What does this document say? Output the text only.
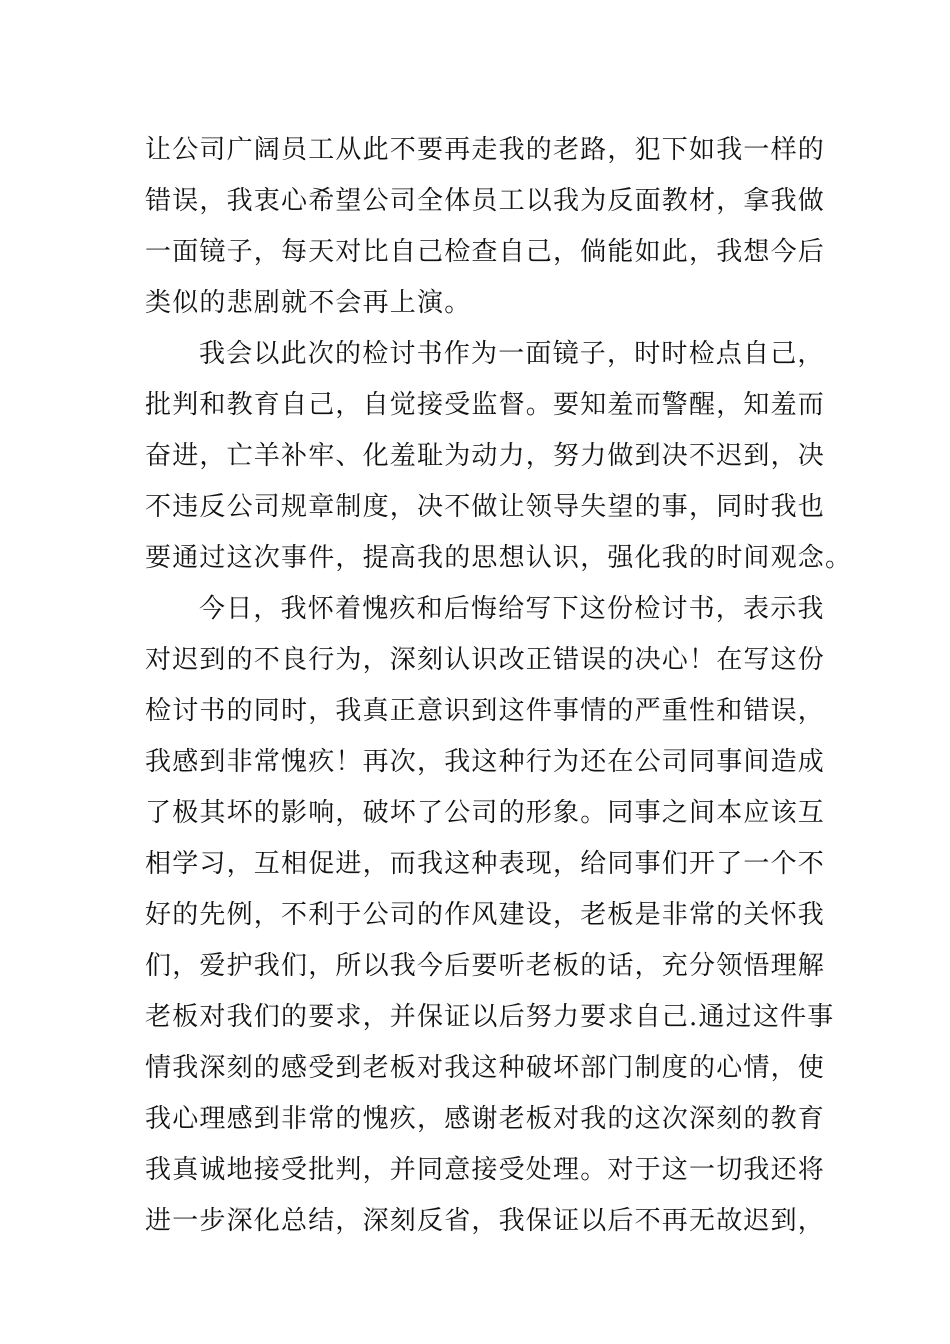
让公司广阔员工从此不要再走我的老路，犯下如我一样的
错误，我衷心希望公司全体员工以我为反面教材，拿我做
一面镜子，每天对比自己检查自己，倘能如此，我想今后
类似的悲剧就不会再上演。
我会以此次的检讨书作为一面镜子，时时检点自己，
批判和教育自己，自觉接受监督。要知羞而警醒，知羞而
奋进，亡羊补牢、化羞耻为动力，努力做到决不迟到，决
不违反公司规章制度，决不做让领导失望的事，同时我也
要通过这次事件，提高我的思想认识，强化我的时间观念。
今日，我怀着愧疚和后悔给写下这份检讨书，表示我
对迟到的不良行为，深刻认识改正错误的决心！在写这份
检讨书的同时，我真正意识到这件事情的严重性和错误，
我感到非常愧疚！再次，我这种行为还在公司同事间造成
了极其坏的影响，破坏了公司的形象。同事之间本应该互
相学习，互相促进，而我这种表现，给同事们开了一个不
好的先例，不利于公司的作风建设，老板是非常的关怀我
们，爱护我们，所以我今后要听老板的话，充分领悟理解
老板对我们的要求，并保证以后努力要求自己.通过这件事
情我深刻的感受到老板对我这种破坏部门制度的心情，使
我心理感到非常的愧疚，感谢老板对我的这次深刻的教育
我真诚地接受批判，并同意接受处理。对于这一切我还将
进一步深化总结，深刻反省，我保证以后不再无故迟到，
